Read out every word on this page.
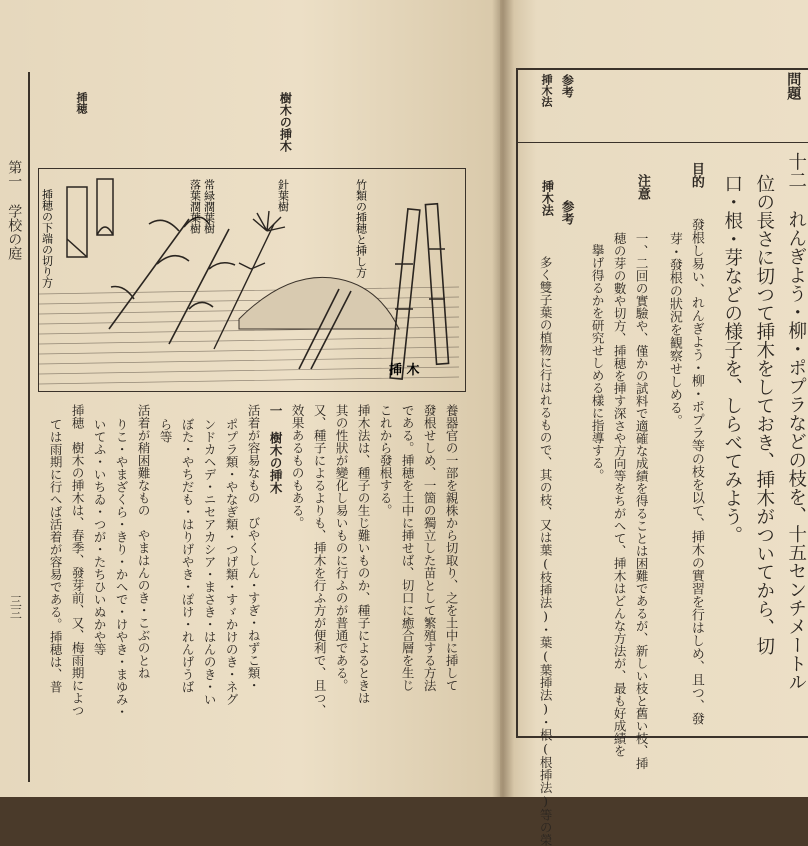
第一 学校の庭
揷穂	樹木の挿木
揷穂の下端の切り方	落葉濶葉樹 常緑濶葉樹	針葉樹	竹類の揷穂と挿し方
揷 木
養器官の一部を親株から切取り、之を土中に揷して
發根せしめ、一箇の獨立した苗として繁殖する方法
である。挿穂を土中に挿せば、切口に癒合層を生じ
これから發根する。
挿木法は、種子の生じ難いものか、種子によるときは
其の性狀が變化し易いものに行ふのが普通である。
又、種子によるよりも、挿木を行ふ方が便利で、且つ、
效果あるものもある。
一 樹木の挿木
活着が容易なもの　びやくしん・すぎ・ねずこ類・
ポプラ類・やなぎ類・つげ類・すゞかけのき・ネグ
ンドカヘデ・ニセアカシア・まさき・はんのき・い
ぼた・やちだも・はりげやき・ぽけ・れんげうば
ら等
活着が稍困難なもの　やまはんのき・こぶのとね
りこ・やまざくら・きり・かへで・けやき・まゆみ・
いてふ・いちゐ・つが・たちひいぬかや等
揷穂　樹木の挿木は、春季、發芽前、又、梅雨期によつ
ては雨期に行へば活着が容易である。揷穂は、普
三三
問題
参考
挿木法
十二 れんぎよう・柳・ポプラなどの枝を、十五センチメートル
位の長さに切つて挿木をしておき、挿木がついてから、切
口・根・芽などの様子を、しらべてみよう。
目的
發根し易い、れんぎよう・柳・ポプラ等の枝を以て、挿木の實習を行はしめ、且つ、發
芽・發根の狀況を観察せしめる。
注意
一、二回の實驗や、僅かの試料で適確な成績を得ることは困難であるが、新しい枝と舊い枝、揷
穂の芽の數や切方、揷穂を挿す深さや方向等をちがへて、挿木はどんな方法が、最も好成績を
擧げ得るかを研究せしめる樣に指導する。
参考
挿木法
多く雙子葉の植物に行はれるもので、其の枝、又は葉(枝揷法)・葉(葉揷法)・根(根揷法)等の榮
